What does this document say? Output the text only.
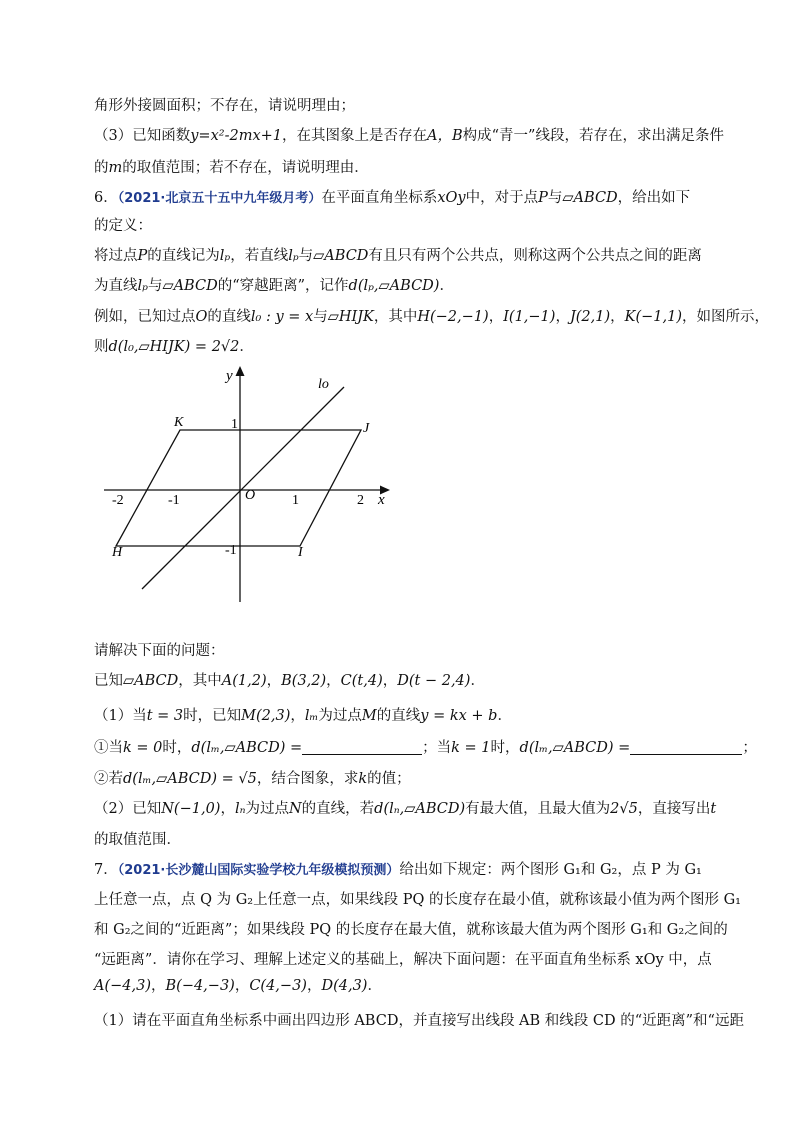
角形外接圆面积；不存在，请说明理由；
（3）已知函数y=x²-2mx+1，在其图象上是否存在A，B构成“青一”线段，若存在，求出满足条件
的m的取值范围；若不存在，请说明理由．
6．（2021·北京五十五中九年级月考）在平面直角坐标系xOy中，对于点P与▱ABCD，给出如下
的定义：
将过点P的直线记为lₚ，若直线lₚ与▱ABCD有且只有两个公共点，则称这两个公共点之间的距离
为直线lₚ与▱ABCD的“穿越距离”，记作d(lₚ,▱ABCD)．
例如，已知过点O的直线l₀ : y = x与▱HIJK，其中H(−2,−1)，I(1,−1)，J(2,1)，K(−1,1)，如图所示，
则d(l₀,▱HIJK) = 2√2．
y
x
lo
O
K	J
H	I
1
-1
-2	1	2
-1
请解决下面的问题：
已知▱ABCD，其中A(1,2)，B(3,2)，C(t,4)，D(t − 2,4)．
（1）当t = 3时，已知M(2,3)，lₘ为过点M的直线y = kx + b．
①当k = 0时，d(lₘ,▱ABCD) =	；当k = 1时，d(lₘ,▱ABCD) =	；
②若d(lₘ,▱ABCD) = √5，结合图象，求k的值；
（2）已知N(−1,0)，lₙ为过点N的直线，若d(lₙ,▱ABCD)有最大值，且最大值为2√5，直接写出t
的取值范围．
7．（2021·长沙麓山国际实验学校九年级模拟预测）给出如下规定：两个图形 G₁和 G₂，点 P 为 G₁
上任意一点，点 Q 为 G₂上任意一点，如果线段 PQ 的长度存在最小值，就称该最小值为两个图形 G₁
和 G₂之间的“近距离”；如果线段 PQ 的长度存在最大值，就称该最大值为两个图形 G₁和 G₂之间的
“远距离”．请你在学习、理解上述定义的基础上，解决下面问题：在平面直角坐标系 xOy 中，点
A(−4,3)，B(−4,−3)，C(4,−3)，D(4,3)．
（1）请在平面直角坐标系中画出四边形 ABCD，并直接写出线段 AB 和线段 CD 的“近距离”和“远距
